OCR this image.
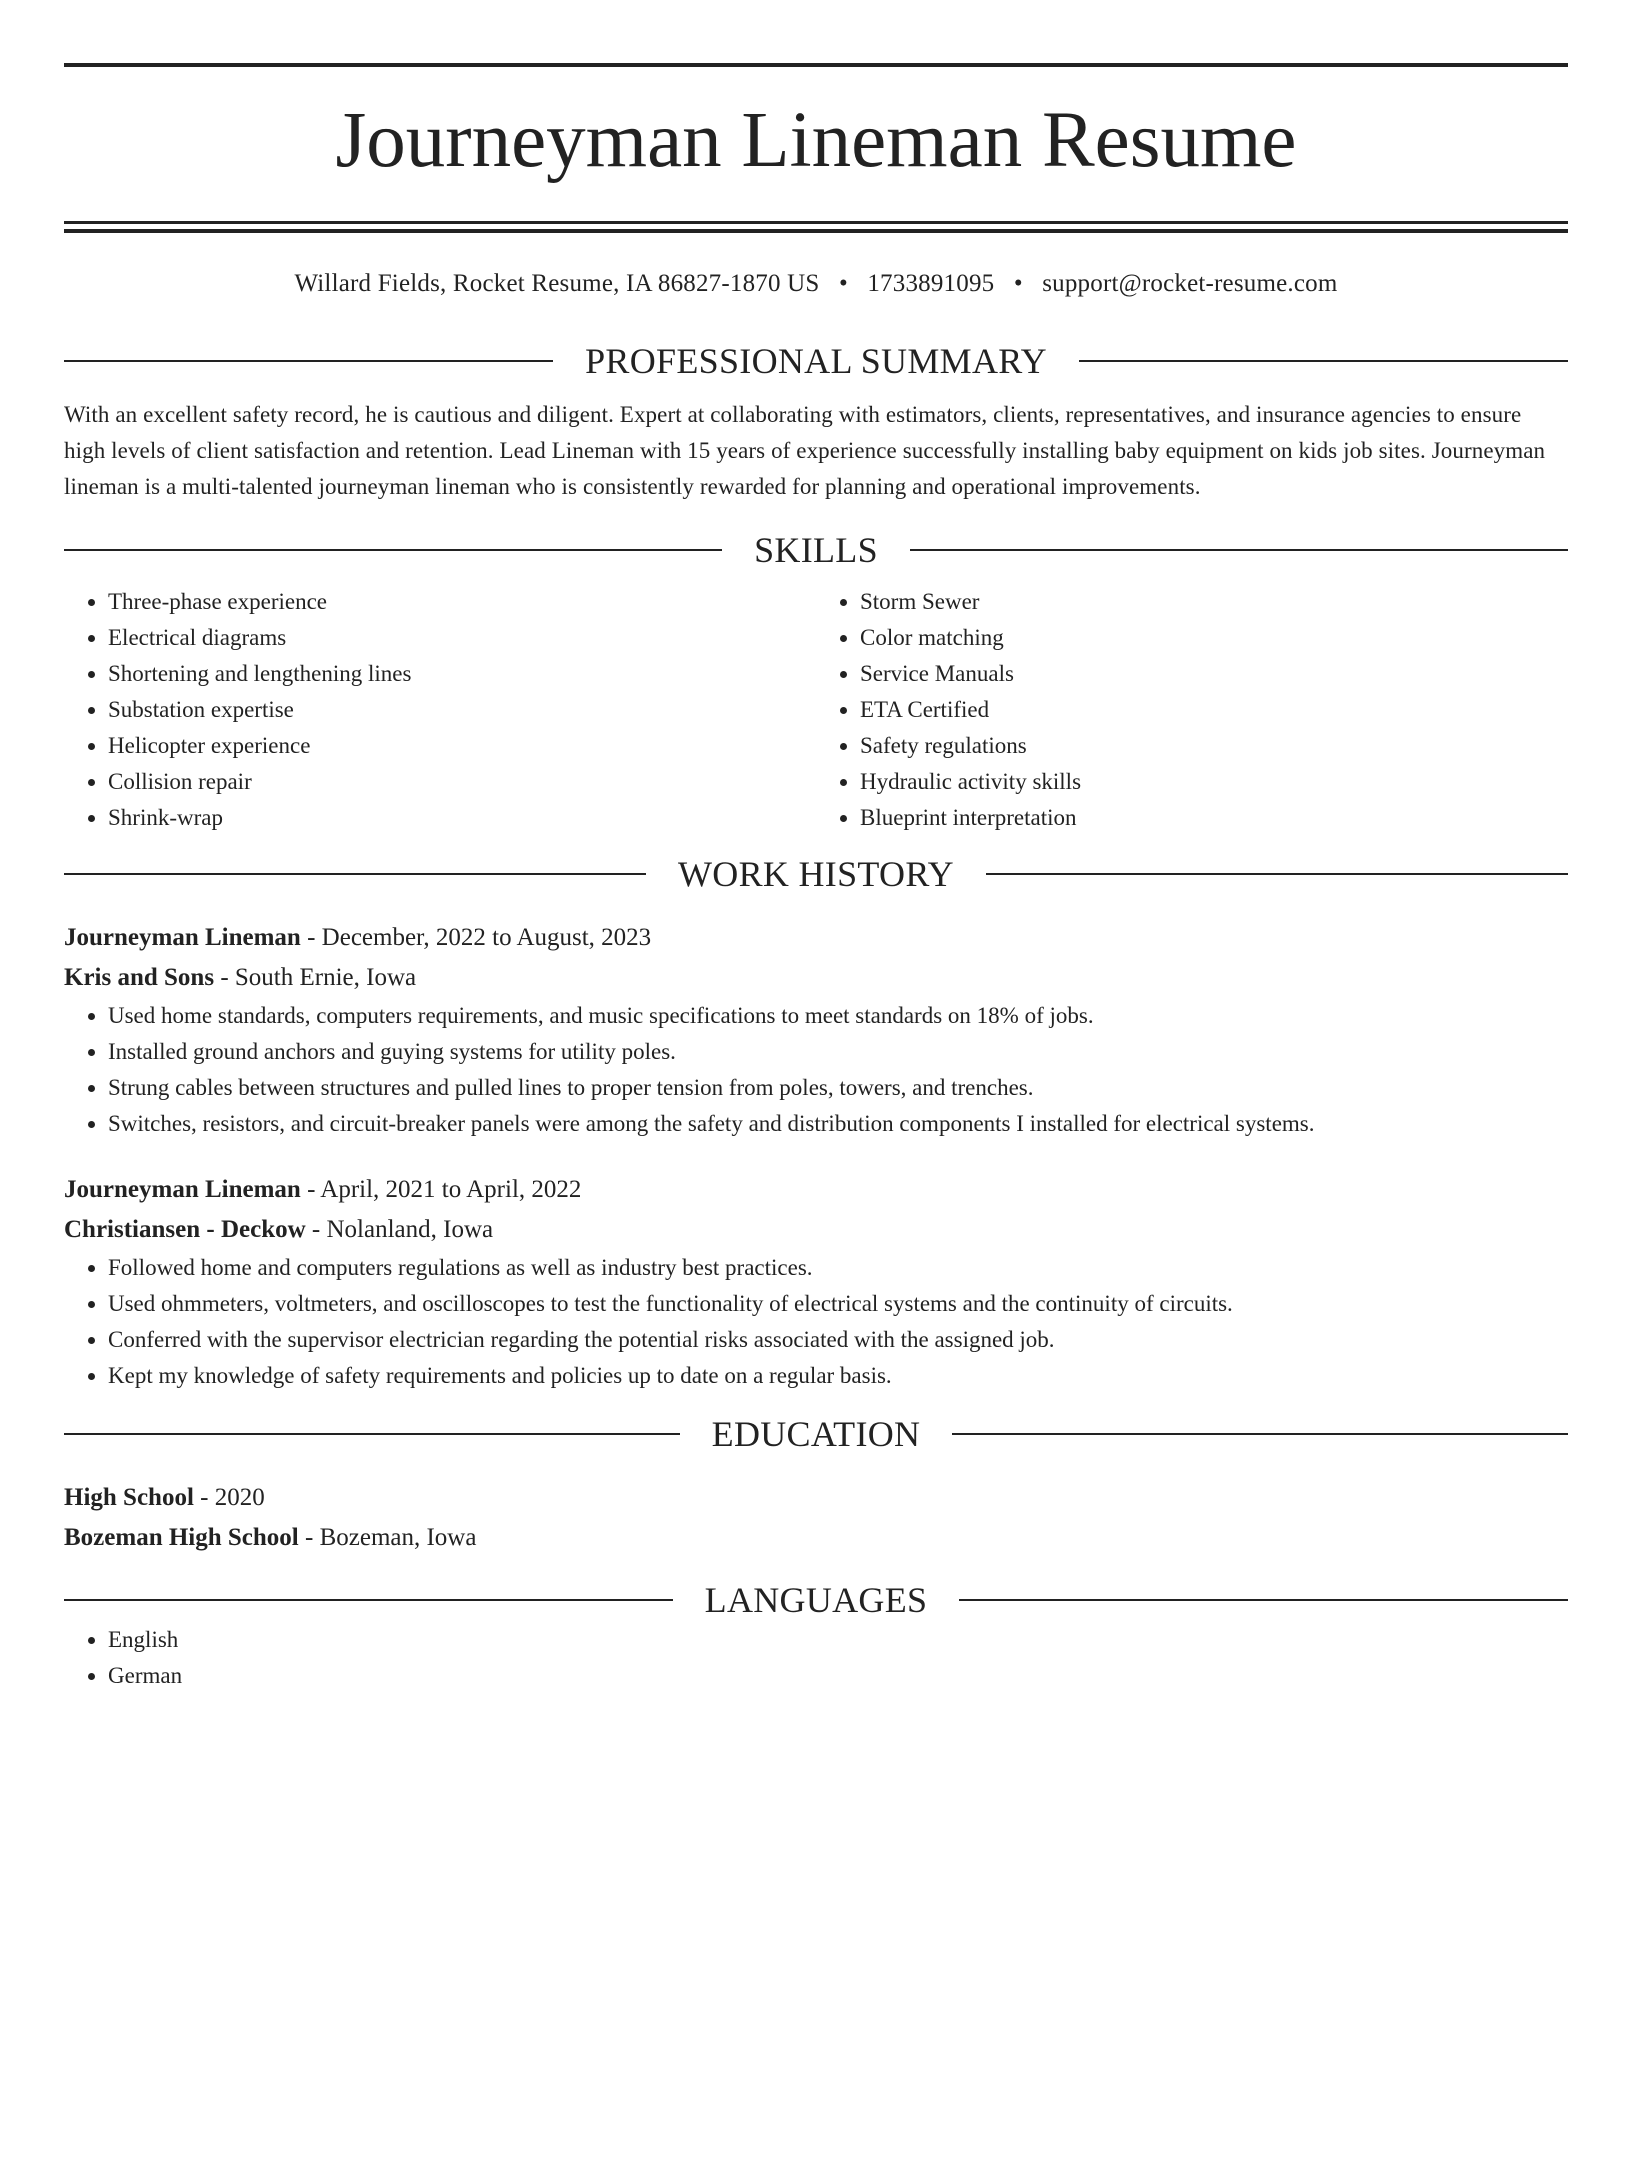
Journeyman Lineman Resume
Willard Fields, Rocket Resume, IA 86827-1870 US • 1733891095 • support@rocket-resume.com
PROFESSIONAL SUMMARY

With an excellent safety record, he is cautious and diligent. Expert at collaborating with estimators, clients, representatives, and insurance agencies to ensure high levels of client satisfaction and retention. Lead Lineman with 15 years of experience successfully installing baby equipment on kids job sites. Journeyman lineman is a multi-talented journeyman lineman who is consistently rewarded for planning and operational improvements.

SKILLS
• Three-phase experience
• Electrical diagrams
• Shortening and lengthening lines
• Substation expertise
• Helicopter experience
• Collision repair
• Shrink-wrap
• Storm Sewer
• Color matching
• Service Manuals
• ETA Certified
• Safety regulations
• Hydraulic activity skills
• Blueprint interpretation
WORK HISTORY
Journeyman Lineman - December, 2022 to August, 2023
Kris and Sons - South Ernie, Iowa
• Used home standards, computers requirements, and music specifications to meet standards on 18% of jobs.
• Installed ground anchors and guying systems for utility poles.
• Strung cables between structures and pulled lines to proper tension from poles, towers, and trenches.
• Switches, resistors, and circuit-breaker panels were among the safety and distribution components I installed for electrical systems.
Journeyman Lineman - April, 2021 to April, 2022
Christiansen - Deckow - Nolanland, Iowa
• Followed home and computers regulations as well as industry best practices.
• Used ohmmeters, voltmeters, and oscilloscopes to test the functionality of electrical systems and the continuity of circuits.
• Conferred with the supervisor electrician regarding the potential risks associated with the assigned job.
• Kept my knowledge of safety requirements and policies up to date on a regular basis.
EDUCATION
High School - 2020
Bozeman High School - Bozeman, Iowa
LANGUAGES
• English
• German
